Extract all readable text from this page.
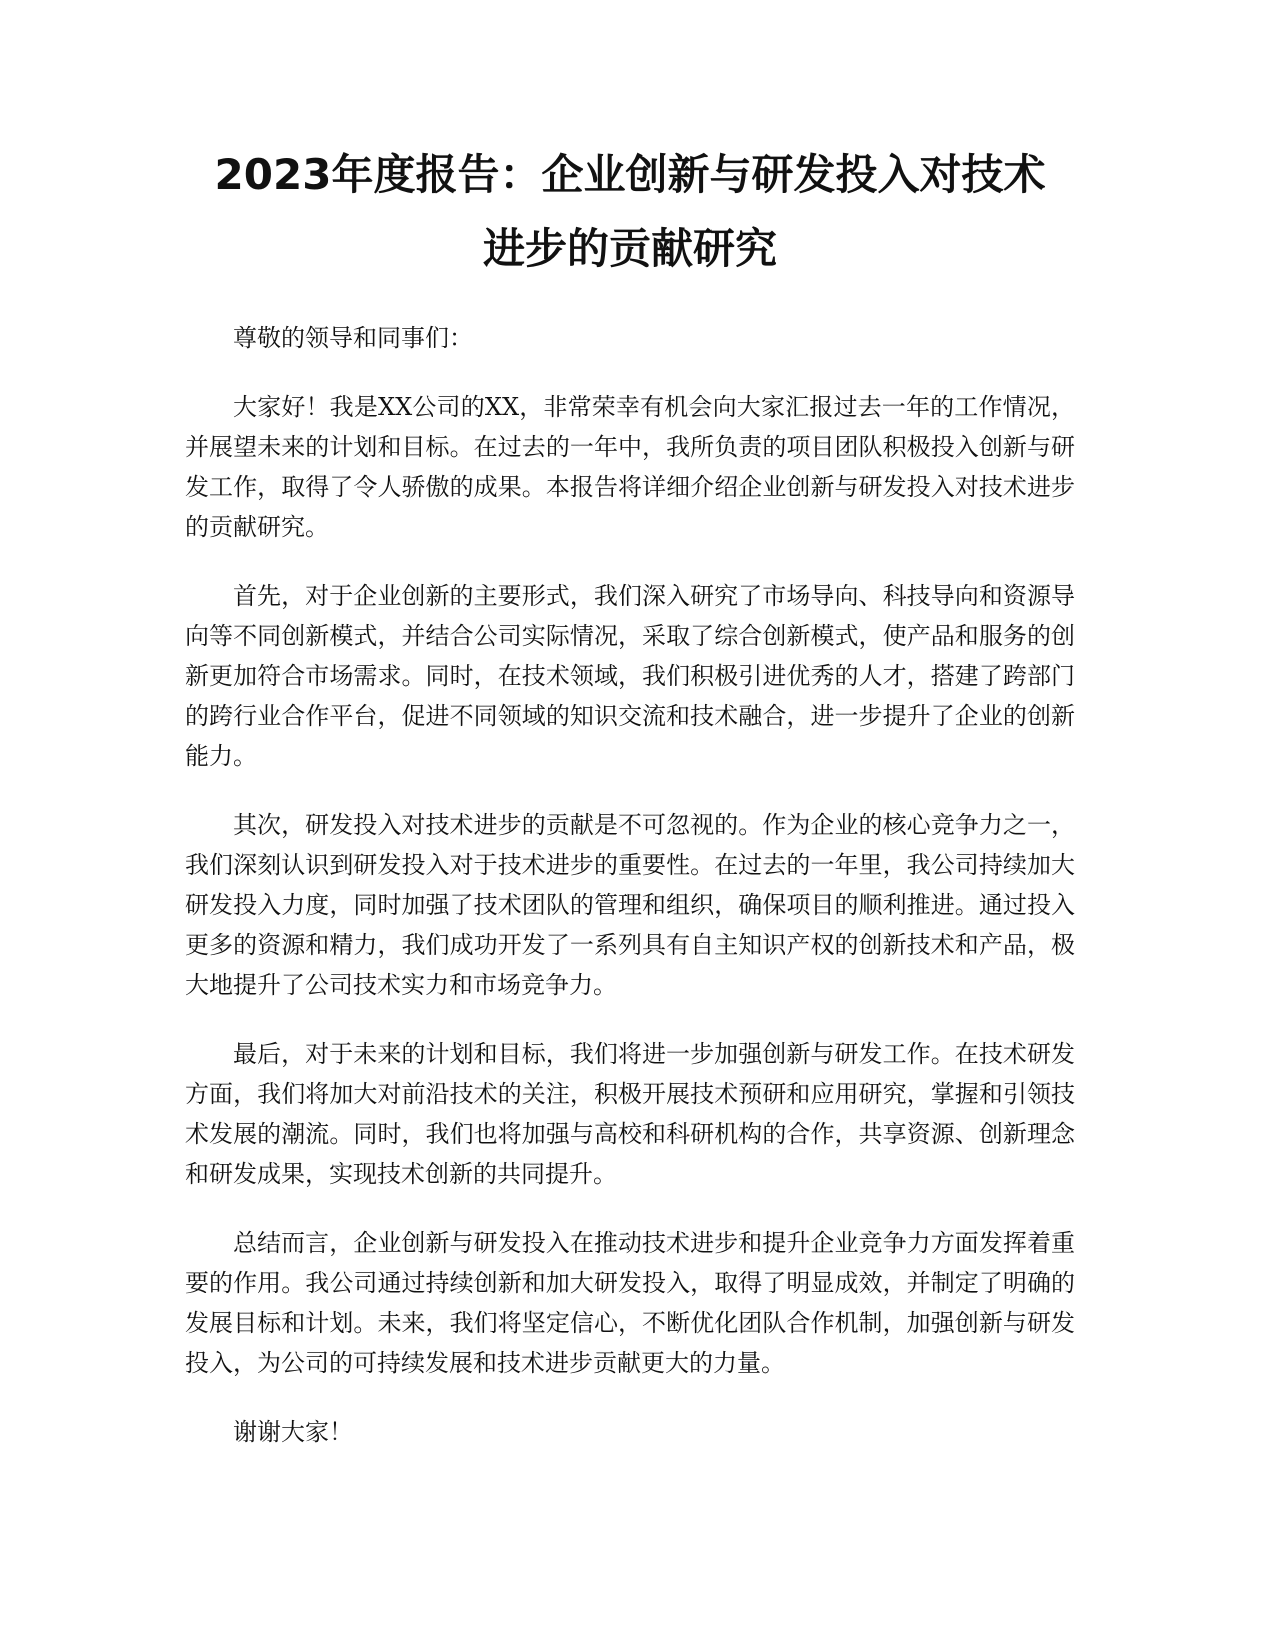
2023年度报告：企业创新与研发投入对技术
进步的贡献研究

尊敬的领导和同事们：

大家好！我是XX公司的XX，非常荣幸有机会向大家汇报过去一年的工作情况，并展望未来的计划和目标。在过去的一年中，我所负责的项目团队积极投入创新与研发工作，取得了令人骄傲的成果。本报告将详细介绍企业创新与研发投入对技术进步的贡献研究。

首先，对于企业创新的主要形式，我们深入研究了市场导向、科技导向和资源导向等不同创新模式，并结合公司实际情况，采取了综合创新模式，使产品和服务的创新更加符合市场需求。同时，在技术领域，我们积极引进优秀的人才，搭建了跨部门的跨行业合作平台，促进不同领域的知识交流和技术融合，进一步提升了企业的创新能力。

其次，研发投入对技术进步的贡献是不可忽视的。作为企业的核心竞争力之一，我们深刻认识到研发投入对于技术进步的重要性。在过去的一年里，我公司持续加大研发投入力度，同时加强了技术团队的管理和组织，确保项目的顺利推进。通过投入更多的资源和精力，我们成功开发了一系列具有自主知识产权的创新技术和产品，极大地提升了公司技术实力和市场竞争力。

最后，对于未来的计划和目标，我们将进一步加强创新与研发工作。在技术研发方面，我们将加大对前沿技术的关注，积极开展技术预研和应用研究，掌握和引领技术发展的潮流。同时，我们也将加强与高校和科研机构的合作，共享资源、创新理念和研发成果，实现技术创新的共同提升。

总结而言，企业创新与研发投入在推动技术进步和提升企业竞争力方面发挥着重要的作用。我公司通过持续创新和加大研发投入，取得了明显成效，并制定了明确的发展目标和计划。未来，我们将坚定信心，不断优化团队合作机制，加强创新与研发投入，为公司的可持续发展和技术进步贡献更大的力量。

谢谢大家！
